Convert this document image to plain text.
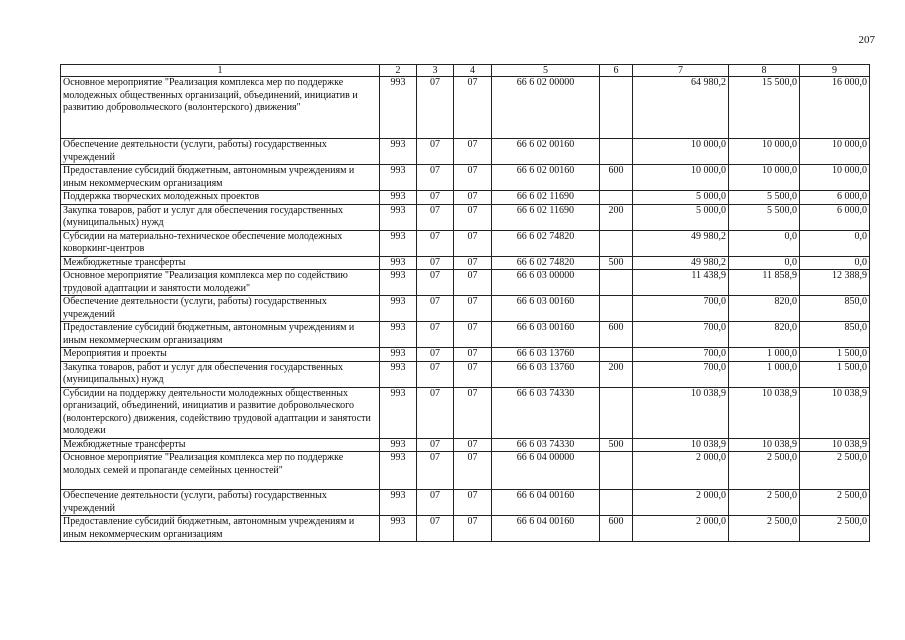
207
1	2	3	4	5	6	7	8	9
Основное мероприятие "Реализация комплекса мер по поддержке молодежных общественных организаций, объединений, инициатив и развитию добровольческого (волонтерского) движения"	993	07	07	66 6 02 00000		64 980,2	15 500,0	16 000,0
Обеспечение деятельности (услуги, работы) государственных учреждений	993	07	07	66 6 02 00160		10 000,0	10 000,0	10 000,0
Предоставление субсидий бюджетным, автономным учреждениям и иным некоммерческим организациям	993	07	07	66 6 02 00160	600	10 000,0	10 000,0	10 000,0
Поддержка творческих молодежных проектов	993	07	07	66 6 02 11690		5 000,0	5 500,0	6 000,0
Закупка товаров, работ и услуг для обеспечения государственных (муниципальных) нужд	993	07	07	66 6 02 11690	200	5 000,0	5 500,0	6 000,0
Субсидии на материально-техническое обеспечение молодежных коворкинг-центров	993	07	07	66 6 02 74820		49 980,2	0,0	0,0
Межбюджетные трансферты	993	07	07	66 6 02 74820	500	49 980,2	0,0	0,0
Основное мероприятие "Реализация комплекса мер по содействию трудовой адаптации и занятости молодежи"	993	07	07	66 6 03 00000		11 438,9	11 858,9	12 388,9
Обеспечение деятельности (услуги, работы) государственных учреждений	993	07	07	66 6 03 00160		700,0	820,0	850,0
Предоставление субсидий бюджетным, автономным учреждениям и иным некоммерческим организациям	993	07	07	66 6 03 00160	600	700,0	820,0	850,0
Мероприятия и проекты	993	07	07	66 6 03 13760		700,0	1 000,0	1 500,0
Закупка товаров, работ и услуг для обеспечения государственных (муниципальных) нужд	993	07	07	66 6 03 13760	200	700,0	1 000,0	1 500,0
Субсидии на поддержку деятельности молодежных общественных организаций, объединений, инициатив и развитие добровольческого (волонтерского) движения, содействию трудовой адаптации и занятости молодежи	993	07	07	66 6 03 74330		10 038,9	10 038,9	10 038,9
Межбюджетные трансферты	993	07	07	66 6 03 74330	500	10 038,9	10 038,9	10 038,9
Основное мероприятие "Реализация комплекса мер по поддержке молодых семей и пропаганде семейных ценностей"	993	07	07	66 6 04 00000		2 000,0	2 500,0	2 500,0
Обеспечение деятельности (услуги, работы) государственных учреждений	993	07	07	66 6 04 00160		2 000,0	2 500,0	2 500,0
Предоставление субсидий бюджетным, автономным учреждениям и иным некоммерческим организациям	993	07	07	66 6 04 00160	600	2 000,0	2 500,0	2 500,0
